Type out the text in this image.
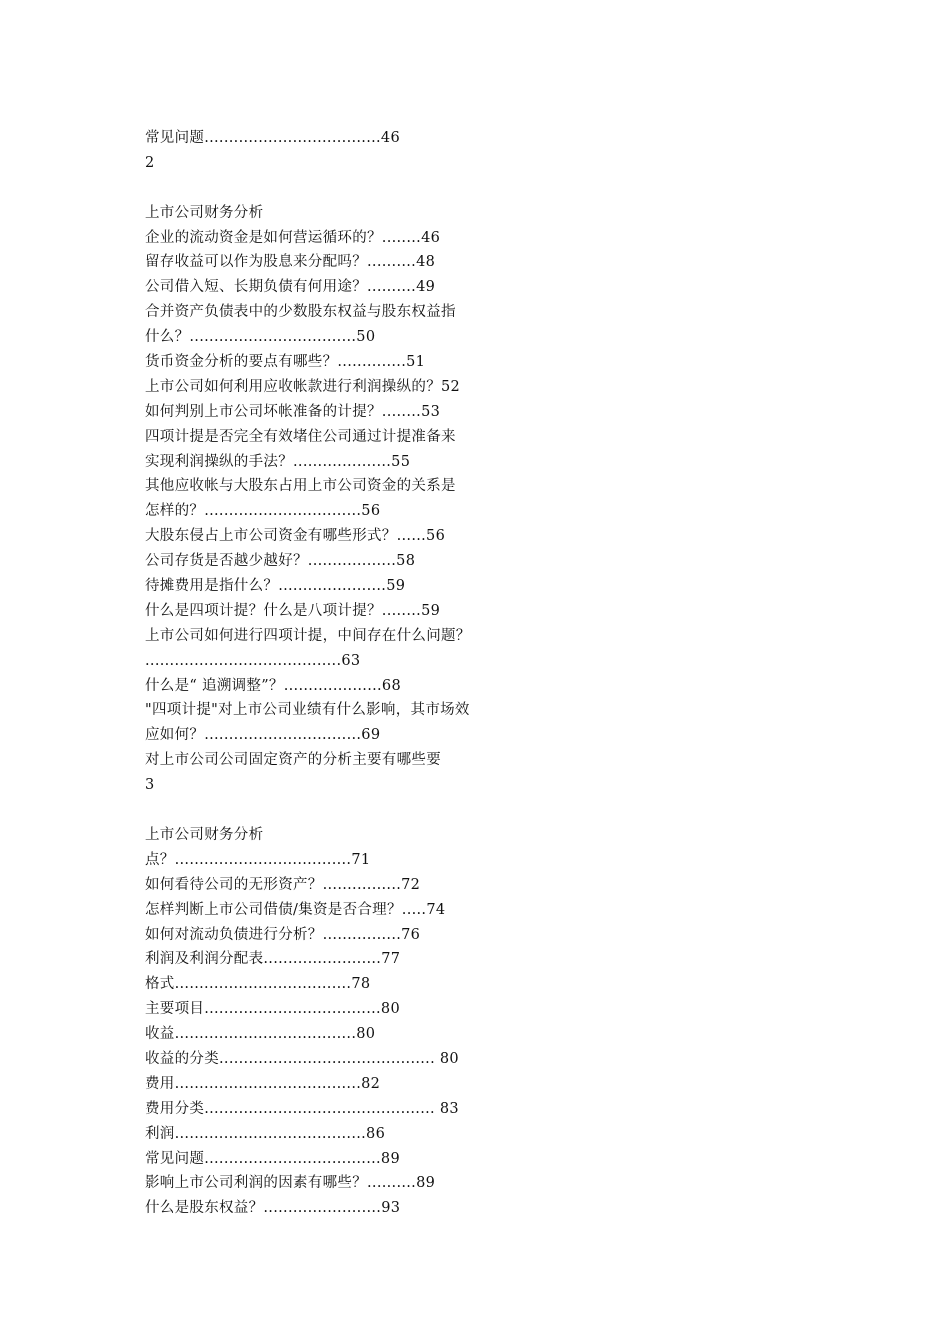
常见问题....................................46
2
上市公司财务分析
企业的流动资金是如何营运循环的？........46
留存收益可以作为股息来分配吗？..........48
公司借入短、长期负债有何用途？..........49
合并资产负债表中的少数股东权益与股东权益指
什么？..................................50
货币资金分析的要点有哪些？..............51
上市公司如何利用应收帐款进行利润操纵的？52
如何判别上市公司坏帐准备的计提？........53
四项计提是否完全有效堵住公司通过计提准备来
实现利润操纵的手法？....................55
其他应收帐与大股东占用上市公司资金的关系是
怎样的？................................56
大股东侵占上市公司资金有哪些形式？......56
公司存货是否越少越好？..................58
待摊费用是指什么？......................59
什么是四项计提？什么是八项计提？........59
上市公司如何进行四项计提，中间存在什么问题？
........................................63
什么是“ 追溯调整”？....................68
"四项计提"对上市公司业绩有什么影响，其市场效
应如何？................................69
对上市公司公司固定资产的分析主要有哪些要
3
上市公司财务分析
点？....................................71
如何看待公司的无形资产？................72
怎样判断上市公司借债/集资是否合理？.....74
如何对流动负债进行分析？................76
利润及利润分配表........................77
格式....................................78
主要项目....................................80
收益.....................................80
收益的分类............................................ 80
费用......................................82
费用分类............................................... 83
利润.......................................86
常见问题....................................89
影响上市公司利润的因素有哪些？..........89
什么是股东权益？........................93
